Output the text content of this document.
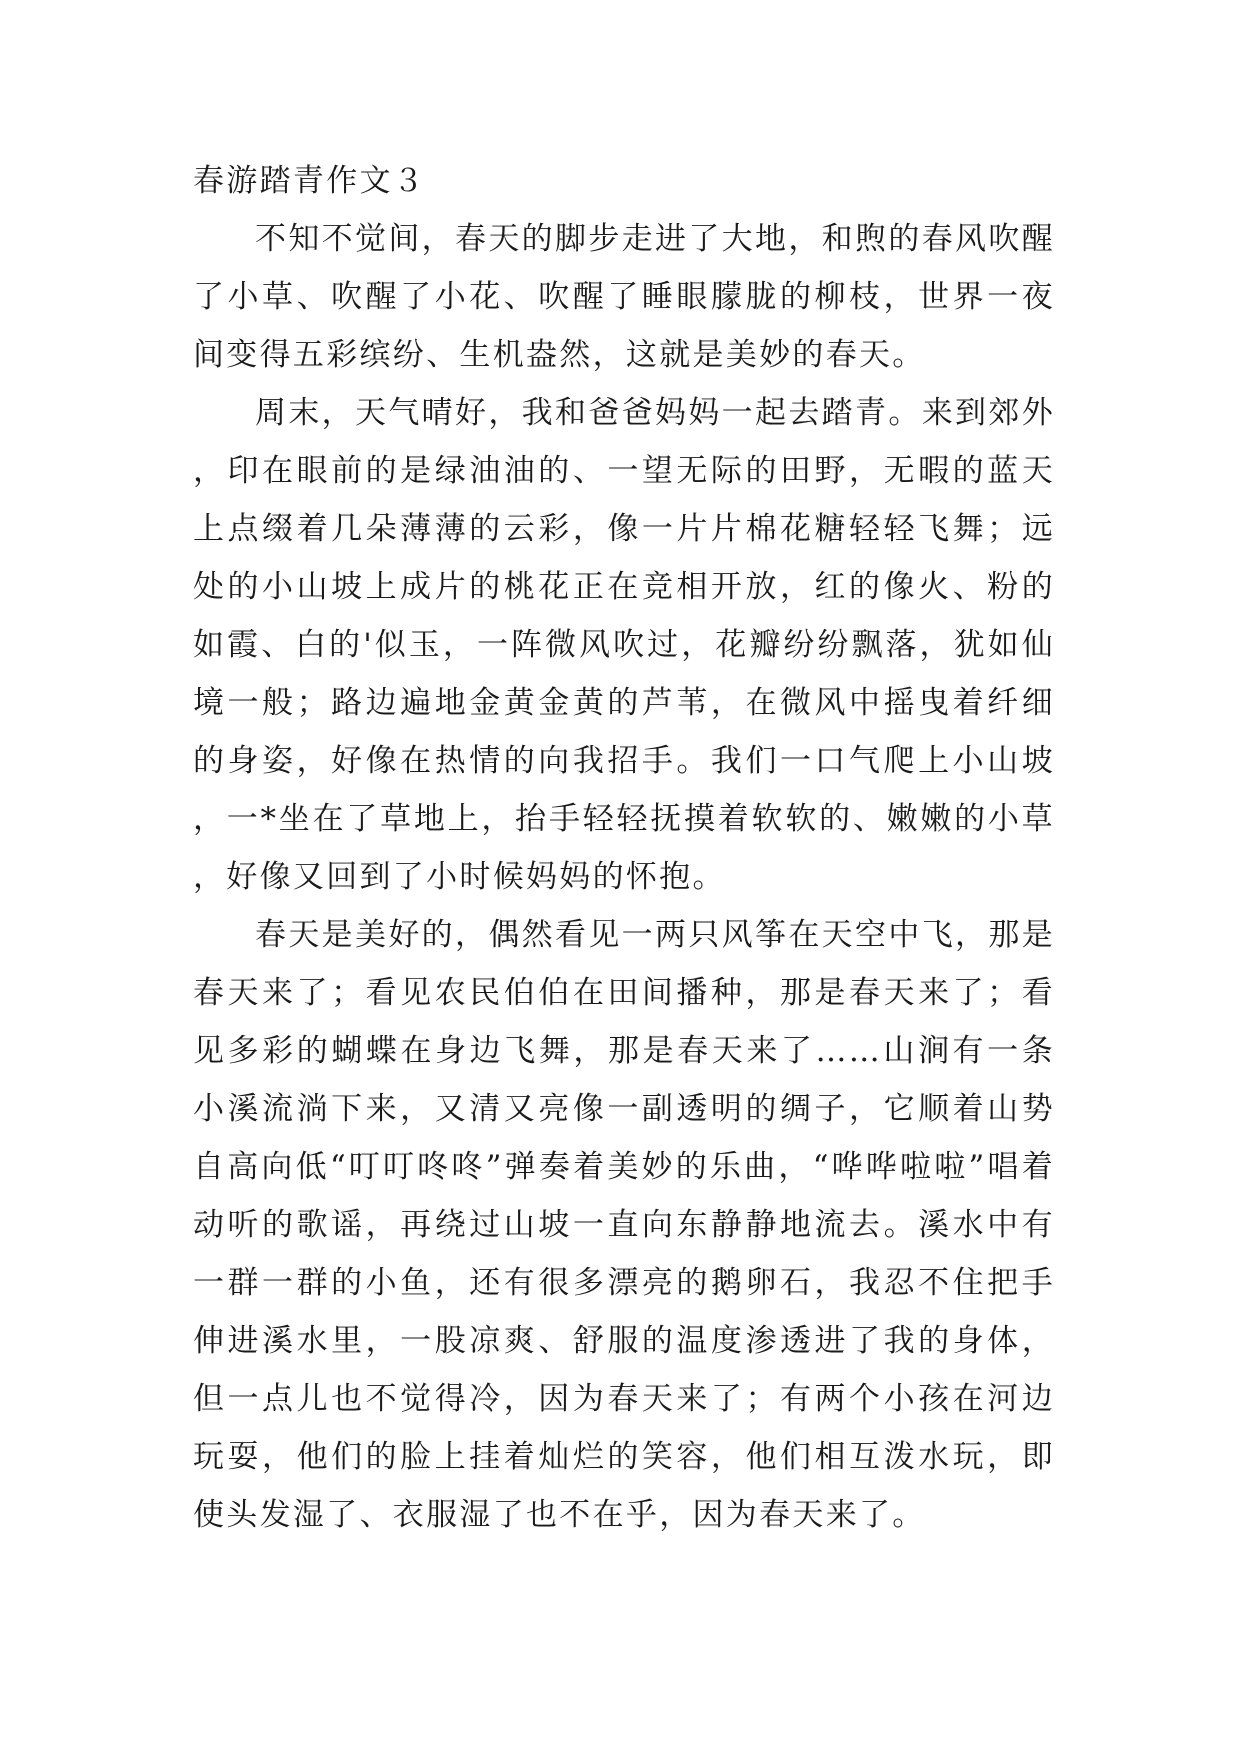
春游踏青作文３

不知不觉间，春天的脚步走进了大地，和煦的春风吹醒了小草、吹醒了小花、吹醒了睡眼朦胧的柳枝，世界一夜间变得五彩缤纷、生机盎然，这就是美妙的春天。

周末，天气晴好，我和爸爸妈妈一起去踏青。来到郊外，印在眼前的是绿油油的、一望无际的田野，无暇的蓝天上点缀着几朵薄薄的云彩，像一片片棉花糖轻轻飞舞；远处的小山坡上成片的桃花正在竞相开放，红的像火、粉的如霞、白的'似玉，一阵微风吹过，花瓣纷纷飘落，犹如仙境一般；路边遍地金黄金黄的芦苇，在微风中摇曳着纤细的身姿，好像在热情的向我招手。我们一口气爬上小山坡，一*坐在了草地上，抬手轻轻抚摸着软软的、嫩嫩的小草，好像又回到了小时候妈妈的怀抱。

春天是美好的，偶然看见一两只风筝在天空中飞，那是春天来了；看见农民伯伯在田间播种，那是春天来了；看见多彩的蝴蝶在身边飞舞，那是春天来了……山涧有一条小溪流淌下来，又清又亮像一副透明的绸子，它顺着山势自高向低“叮叮咚咚”弹奏着美妙的乐曲，“哗哗啦啦”唱着动听的歌谣，再绕过山坡一直向东静静地流去。溪水中有一群一群的小鱼，还有很多漂亮的鹅卵石，我忍不住把手伸进溪水里，一股凉爽、舒服的温度渗透进了我的身体，但一点儿也不觉得冷，因为春天来了；有两个小孩在河边玩耍，他们的脸上挂着灿烂的笑容，他们相互泼水玩，即使头发湿了、衣服湿了也不在乎，因为春天来了。
